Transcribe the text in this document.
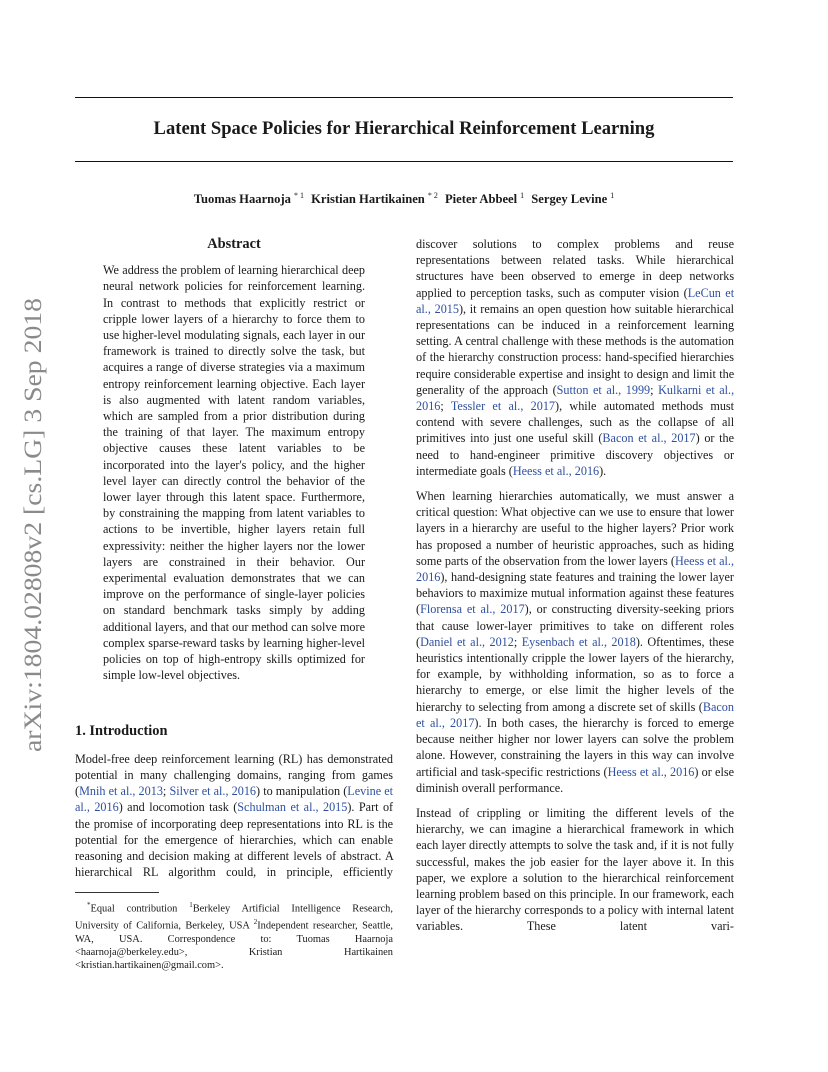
Latent Space Policies for Hierarchical Reinforcement Learning
Tuomas Haarnoja $^{* 1}$ Kristian Hartikainen $^{* 2}$ Pieter Abbeel $^1$ Sergey Levine $^1$
arXiv:1804.02808v2 [cs.LG] 3 Sep 2018
Abstract

We address the problem of learning hierarchical deep neural network policies for reinforcement learning. In contrast to methods that explicitly restrict or cripple lower layers of a hierarchy to force them to use higher-level modulating signals, each layer in our framework is trained to directly solve the task, but acquires a range of diverse strategies via a maximum entropy reinforcement learning objective. Each layer is also augmented with latent random variables, which are sampled from a prior distribution during the training of that layer. The maximum entropy objective causes these latent variables to be incorporated into the layer's policy, and the higher level layer can directly control the behavior of the lower layer through this latent space. Furthermore, by constraining the mapping from latent variables to actions to be invertible, higher layers retain full expressivity: neither the higher layers nor the lower layers are constrained in their behavior. Our experimental evaluation demonstrates that we can improve on the performance of single-layer policies on standard benchmark tasks simply by adding additional layers, and that our method can solve more complex sparse-reward tasks by learning higher-level policies on top of high-entropy skills optimized for simple low-level objectives.

1. Introduction

Model-free deep reinforcement learning (RL) has demonstrated potential in many challenging domains, ranging from games (Mnih et al., 2013; Silver et al., 2016) to manipulation (Levine et al., 2016) and locomotion task (Schulman et al., 2015). Part of the promise of incorporating deep representations into RL is the potential for the emergence of hierarchies, which can enable reasoning and decision making at different levels of abstract. A hierarchical RL algorithm could, in principle, efficiently

*Equal contribution $^1$Berkeley Artificial Intelligence Research, University of California, Berkeley, USA $^2$Independent researcher, Seattle, WA, USA. Correspondence to: Tuomas Haarnoja <haarnoja@berkeley.edu>, Kristian Hartikainen <kristian.hartikainen@gmail.com>.

discover solutions to complex problems and reuse representations between related tasks. While hierarchical structures have been observed to emerge in deep networks applied to perception tasks, such as computer vision (LeCun et al., 2015), it remains an open question how suitable hierarchical representations can be induced in a reinforcement learning setting. A central challenge with these methods is the automation of the hierarchy construction process: hand-specified hierarchies require considerable expertise and insight to design and limit the generality of the approach (Sutton et al., 1999; Kulkarni et al., 2016; Tessler et al., 2017), while automated methods must contend with severe challenges, such as the collapse of all primitives into just one useful skill (Bacon et al., 2017) or the need to hand-engineer primitive discovery objectives or intermediate goals (Heess et al., 2016).

When learning hierarchies automatically, we must answer a critical question: What objective can we use to ensure that lower layers in a hierarchy are useful to the higher layers? Prior work has proposed a number of heuristic approaches, such as hiding some parts of the observation from the lower layers (Heess et al., 2016), hand-designing state features and training the lower layer behaviors to maximize mutual information against these features (Florensa et al., 2017), or constructing diversity-seeking priors that cause lower-layer primitives to take on different roles (Daniel et al., 2012; Eysenbach et al., 2018). Oftentimes, these heuristics intentionally cripple the lower layers of the hierarchy, for example, by withholding information, so as to force a hierarchy to emerge, or else limit the higher levels of the hierarchy to selecting from among a discrete set of skills (Bacon et al., 2017). In both cases, the hierarchy is forced to emerge because neither higher nor lower layers can solve the problem alone. However, constraining the layers in this way can involve artificial and task-specific restrictions (Heess et al., 2016) or else diminish overall performance.

Instead of crippling or limiting the different levels of the hierarchy, we can imagine a hierarchical framework in which each layer directly attempts to solve the task and, if it is not fully successful, makes the job easier for the layer above it. In this paper, we explore a solution to the hierarchical reinforcement learning problem based on this principle. In our framework, each layer of the hierarchy corresponds to a policy with internal latent variables. These latent vari-
